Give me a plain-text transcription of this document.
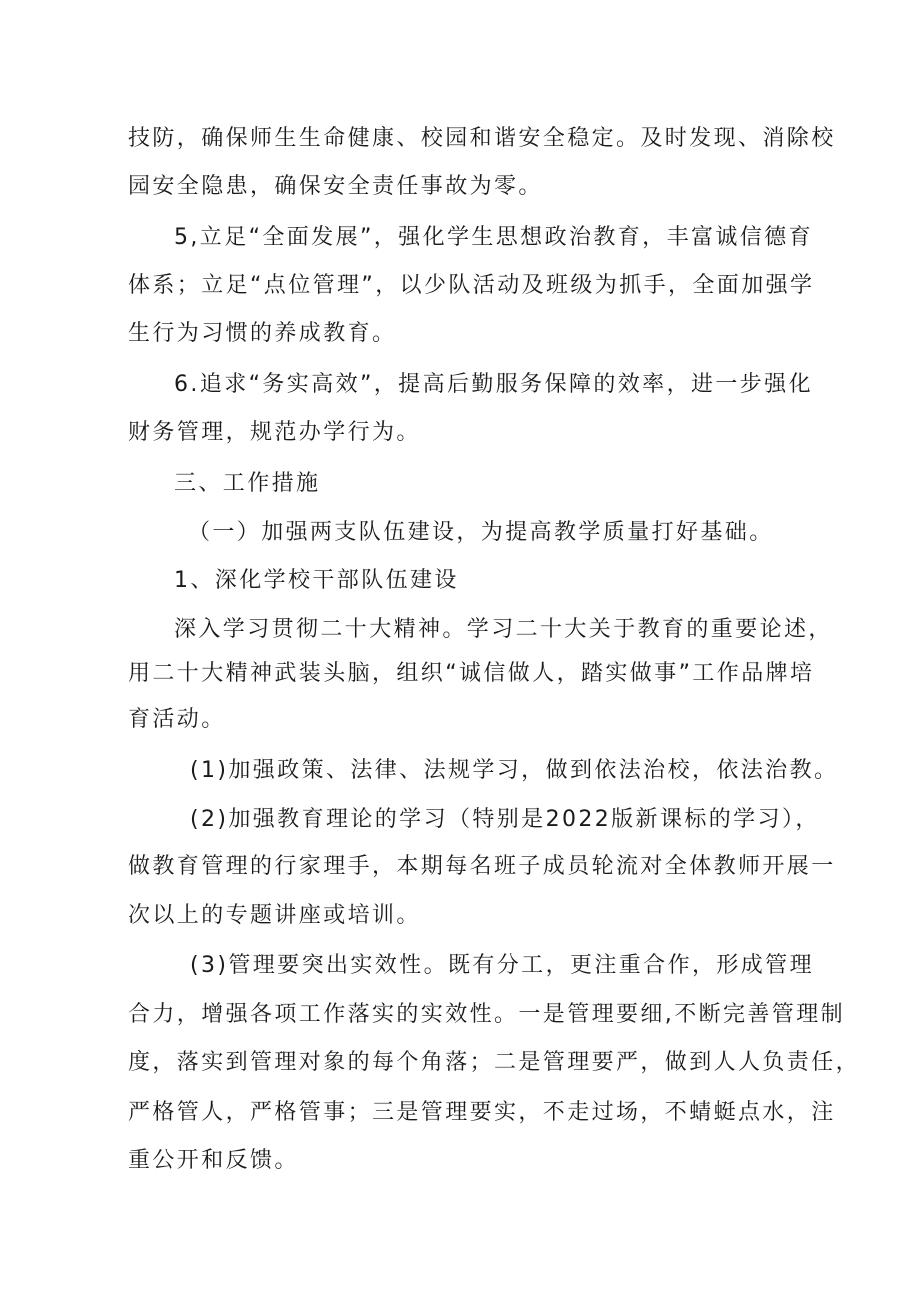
技防，确保师生生命健康、校园和谐安全稳定。及时发现、消除校
园安全隐患，确保安全责任事故为零。
5,立足“全面发展”，强化学生思想政治教育，丰富诚信德育
体系；立足“点位管理”，以少队活动及班级为抓手，全面加强学
生行为习惯的养成教育。
6.追求“务实高效”，提高后勤服务保障的效率，进一步强化
财务管理，规范办学行为。
三、工作措施
（一）加强两支队伍建设，为提高教学质量打好基础。
1、深化学校干部队伍建设
深入学习贯彻二十大精神。学习二十大关于教育的重要论述，
用二十大精神武装头脑，组织“诚信做人，踏实做事”工作品牌培
育活动。
(1)加强政策、法律、法规学习，做到依法治校，依法治教。
(2)加强教育理论的学习（特别是2022版新课标的学习），
做教育管理的行家理手，本期每名班子成员轮流对全体教师开展一
次以上的专题讲座或培训。
(3)管理要突出实效性。既有分工，更注重合作，形成管理
合力，增强各项工作落实的实效性。一是管理要细,不断完善管理制
度，落实到管理对象的每个角落；二是管理要严，做到人人负责任，
严格管人，严格管事；三是管理要实，不走过场，不蜻蜓点水，注
重公开和反馈。
